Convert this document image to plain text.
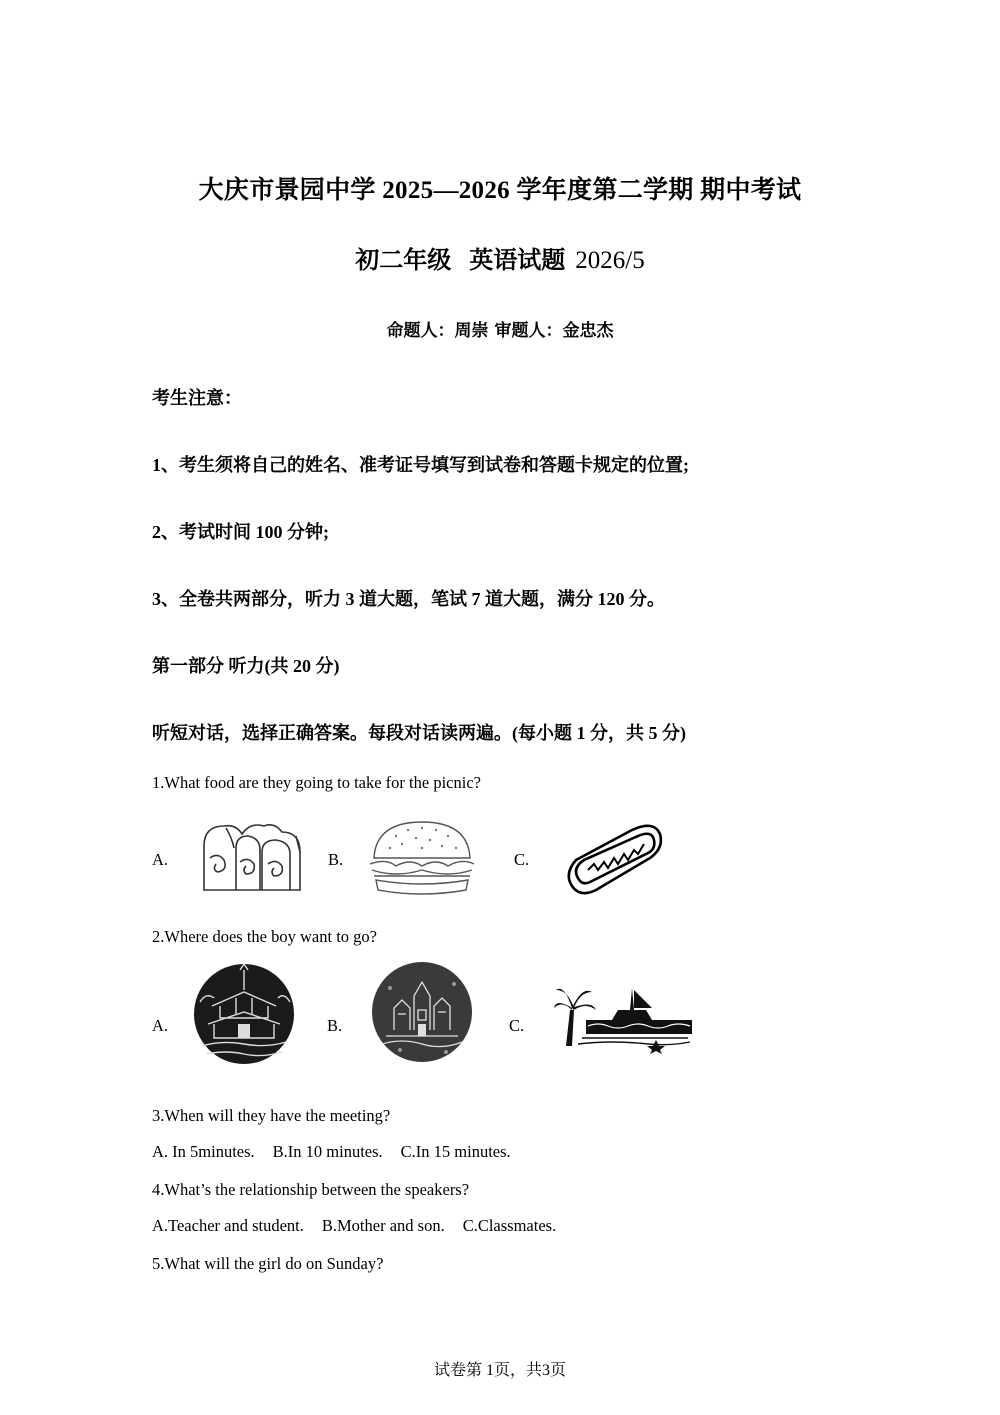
大庆市景园中学 2025—2026 学年度第二学期 期中考试
初二年级   英语试题 2026/5
命题人：周崇 审题人：金忠杰
考生注意：
1、考生须将自己的姓名、准考证号填写到试卷和答题卡规定的位置;
2、考试时间 100 分钟;
3、全卷共两部分，听力 3 道大题，笔试 7 道大题，满分 120 分。
第一部分 听力(共 20 分)
听短对话，选择正确答案。每段对话读两遍。(每小题 1 分，共 5 分)
1.What food are they going to take for the picnic?
A.	B.	C.
2.Where does the boy want to go?
A.	B.	C.
3.When will they have the meeting?
A. In 5minutes. B.In 10 minutes. C.In 15 minutes.
4.What’s the relationship between the speakers?
A.Teacher and student. B.Mother and son. C.Classmates.
5.What will the girl do on Sunday?
试卷第 1页，共3页
